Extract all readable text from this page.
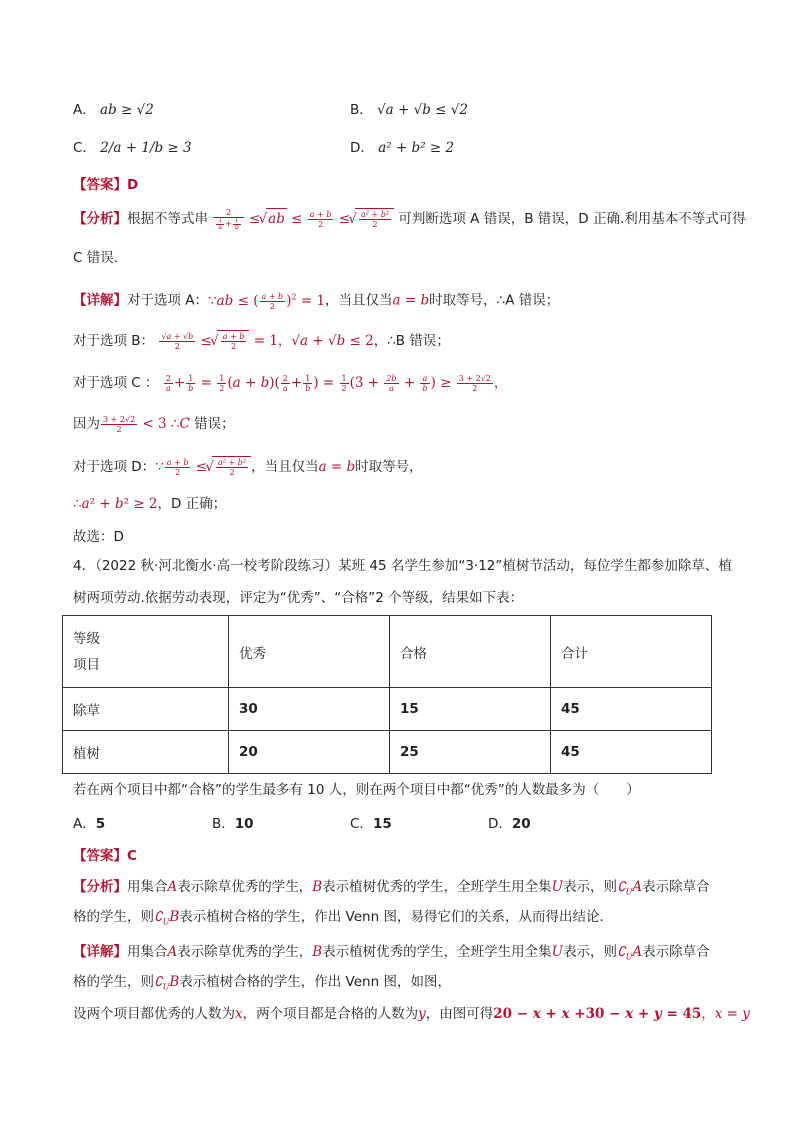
A． ab ≥ √2	B． √a + √b ≤ √2
C． 2/a + 1/b ≥ 3	D． a² + b² ≥ 2
【答案】D
【分析】根据不等式串 $\frac{2}{\frac{1}{a} + \frac{1}{b}}$ ≤ √ ab ≤ $\frac{a + b}{2}$ ≤ √ $\frac{\text{a² + b²}}{2}$ 可判断选项 A 错误，B 错误，D 正确.利用基本不等式可得
C 错误.
【详解】对于选项 A：∵ab ≤ ( $\frac{a + b}{2} )^2 = 1$，当且仅当a = b时取等号，∴A 错误；
对于选项 B： $\frac{√a + √b}{2}$ ≤ √ $\frac{a + b}{2} = 1$，√a + √b ≤ 2，∴B 错误；
对于选项 C ： $\frac{2}{a} + \frac{1}{b} = \frac{1}{2} (a + b)( \frac{2}{a} + \frac{1}{b}$ ) = $\frac{1}{2} (3 + \frac{2b}{a} + \frac{a}{b}$ ) ≥ $\frac{3 + 2√2}{2}$ ，
因为 $\frac{3 + 2√2}{2} < 3$ ∴C 错误；
对于选项 D：∵ $\frac{a + b}{2}$ ≤ √ $\frac{\text{a² + b²}}{2}$ ，当且仅当a = b时取等号，
∴a² + b² ≥ 2，D 正确；
故选：D
4．（2022 秋·河北衡水·高一校考阶段练习）某班 45 名学生参加“3·12”植树节活动，每位学生都参加除草、植
树两项劳动.依据劳动表现，评定为“优秀”、“合格”2 个等级，结果如下表：
等级
项目	优秀	合格	合计
除草	30	15	45
植树	20	25	45
若在两个项目中都“合格”的学生最多有 10 人，则在两个项目中都“优秀”的人数最多为（　　）
A．5	B．10	C．15	D．20
【答案】C
【分析】用集合A表示除草优秀的学生，B表示植树优秀的学生，全班学生用全集U表示，则$∁_UA$表示除草合
格的学生，则$∁_UB$表示植树合格的学生，作出 Venn 图，易得它们的关系，从而得出结论．
【详解】用集合A表示除草优秀的学生，B表示植树优秀的学生，全班学生用全集U表示，则$∁_UA$表示除草合
格的学生，则$∁_UB$表示植树合格的学生，作出 Venn 图，如图，
设两个项目都优秀的人数为x，两个项目都是合格的人数为y，由图可得20 − x + x +30 − x + y = 45，x = y
